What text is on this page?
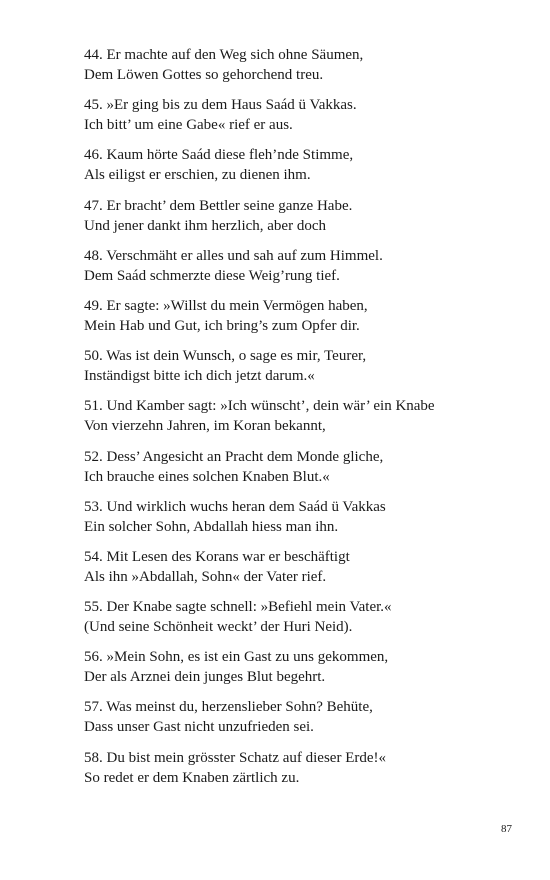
44. Er machte auf den Weg sich ohne Säumen,
Dem Löwen Gottes so gehorchend treu.
45. »Er ging bis zu dem Haus Saád ü Vakkas.
Ich bitt’ um eine Gabe« rief er aus.
46. Kaum hörte Saád diese fleh’nde Stimme,
Als eiligst er erschien, zu dienen ihm.
47. Er bracht’ dem Bettler seine ganze Habe.
Und jener dankt ihm herzlich, aber doch
48. Verschmäht er alles und sah auf zum Himmel.
Dem Saád schmerzte diese Weig’rung tief.
49. Er sagte: »Willst du mein Vermögen haben,
Mein Hab und Gut, ich bring’s zum Opfer dir.
50. Was ist dein Wunsch, o sage es mir, Teurer,
Inständigst bitte ich dich jetzt darum.«
51. Und Kamber sagt: »Ich wünscht’, dein wär’ ein Knabe
Von vierzehn Jahren, im Koran bekannt,
52. Dess’ Angesicht an Pracht dem Monde gliche,
Ich brauche eines solchen Knaben Blut.«
53. Und wirklich wuchs heran dem Saád ü Vakkas
Ein solcher Sohn, Abdallah hiess man ihn.
54. Mit Lesen des Korans war er beschäftigt
Als ihn »Abdallah, Sohn« der Vater rief.
55. Der Knabe sagte schnell: »Befiehl mein Vater.«
(Und seine Schönheit weckt’ der Huri Neid).
56. »Mein Sohn, es ist ein Gast zu uns gekommen,
Der als Arznei dein junges Blut begehrt.
57. Was meinst du, herzenslieber Sohn? Behüte,
Dass unser Gast nicht unzufrieden sei.
58. Du bist mein grösster Schatz auf dieser Erde!«
So redet er dem Knaben zärtlich zu.
87
